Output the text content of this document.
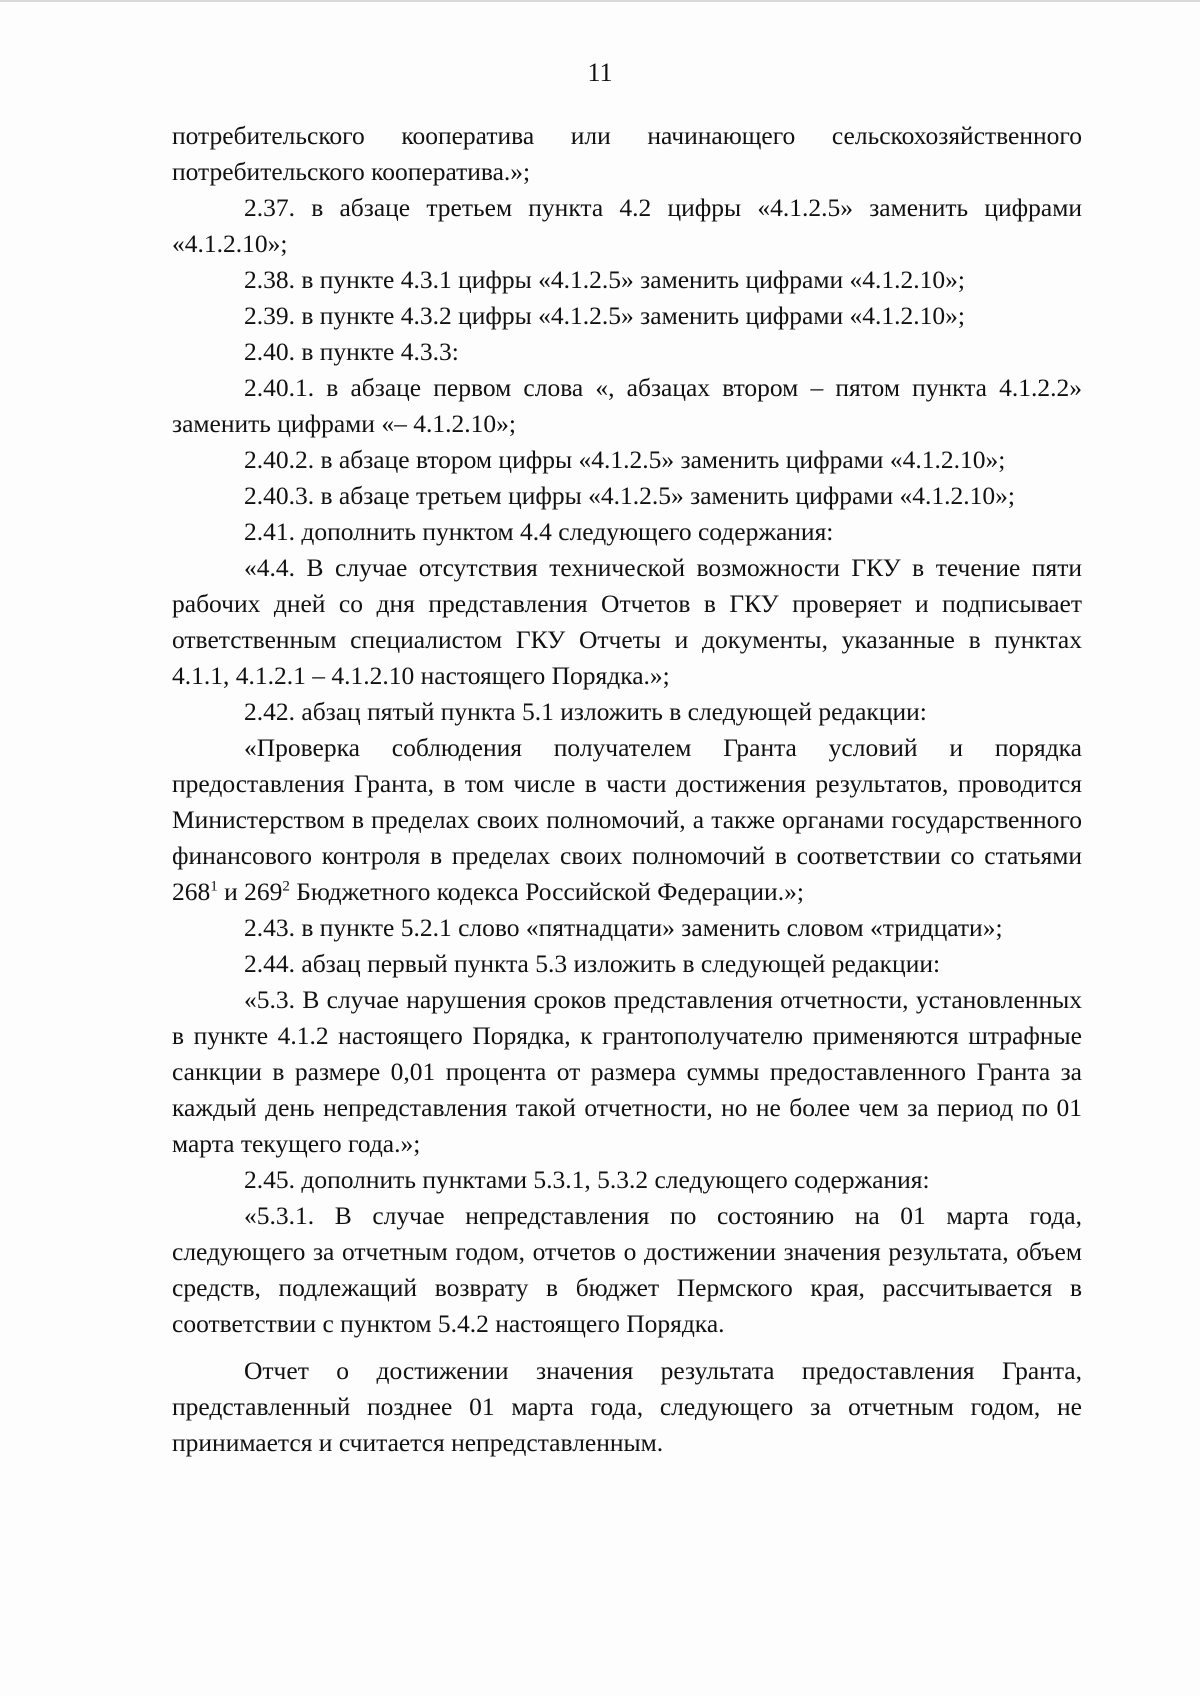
11

потребительского кооператива или начинающего сельскохозяйственного потребительского кооператива.»;

2.37. в абзаце третьем пункта 4.2 цифры «4.1.2.5» заменить цифрами «4.1.2.10»;

2.38. в пункте 4.3.1 цифры «4.1.2.5» заменить цифрами «4.1.2.10»;

2.39. в пункте 4.3.2 цифры «4.1.2.5» заменить цифрами «4.1.2.10»;

2.40. в пункте 4.3.3:

2.40.1. в абзаце первом слова «, абзацах втором – пятом пункта 4.1.2.2» заменить цифрами «– 4.1.2.10»;

2.40.2. в абзаце втором цифры «4.1.2.5» заменить цифрами «4.1.2.10»;

2.40.3. в абзаце третьем цифры «4.1.2.5» заменить цифрами «4.1.2.10»;

2.41. дополнить пунктом 4.4 следующего содержания:

«4.4. В случае отсутствия технической возможности ГКУ в течение пяти рабочих дней со дня представления Отчетов в ГКУ проверяет и подписывает ответственным специалистом ГКУ Отчеты и документы, указанные в пунктах 4.1.1, 4.1.2.1 – 4.1.2.10 настоящего Порядка.»;

2.42. абзац пятый пункта 5.1 изложить в следующей редакции:

«Проверка соблюдения получателем Гранта условий и порядка предоставления Гранта, в том числе в части достижения результатов, проводится Министерством в пределах своих полномочий, а также органами государственного финансового контроля в пределах своих полномочий в соответствии со статьями $268^1$ и $269^2$ Бюджетного кодекса Российской Федерации.»;

2.43. в пункте 5.2.1 слово «пятнадцати» заменить словом «тридцати»;

2.44. абзац первый пункта 5.3 изложить в следующей редакции:

«5.3. В случае нарушения сроков представления отчетности, установленных в пункте 4.1.2 настоящего Порядка, к грантополучателю применяются штрафные санкции в размере 0,01 процента от размера суммы предоставленного Гранта за каждый день непредставления такой отчетности, но не более чем за период по 01 марта текущего года.»;

2.45. дополнить пунктами 5.3.1, 5.3.2 следующего содержания:

«5.3.1. В случае непредставления по состоянию на 01 марта года, следующего за отчетным годом, отчетов о достижении значения результата, объем средств, подлежащий возврату в бюджет Пермского края, рассчитывается в соответствии с пунктом 5.4.2 настоящего Порядка.

Отчет о достижении значения результата предоставления Гранта, представленный позднее 01 марта года, следующего за отчетным годом, не принимается и считается непредставленным.
